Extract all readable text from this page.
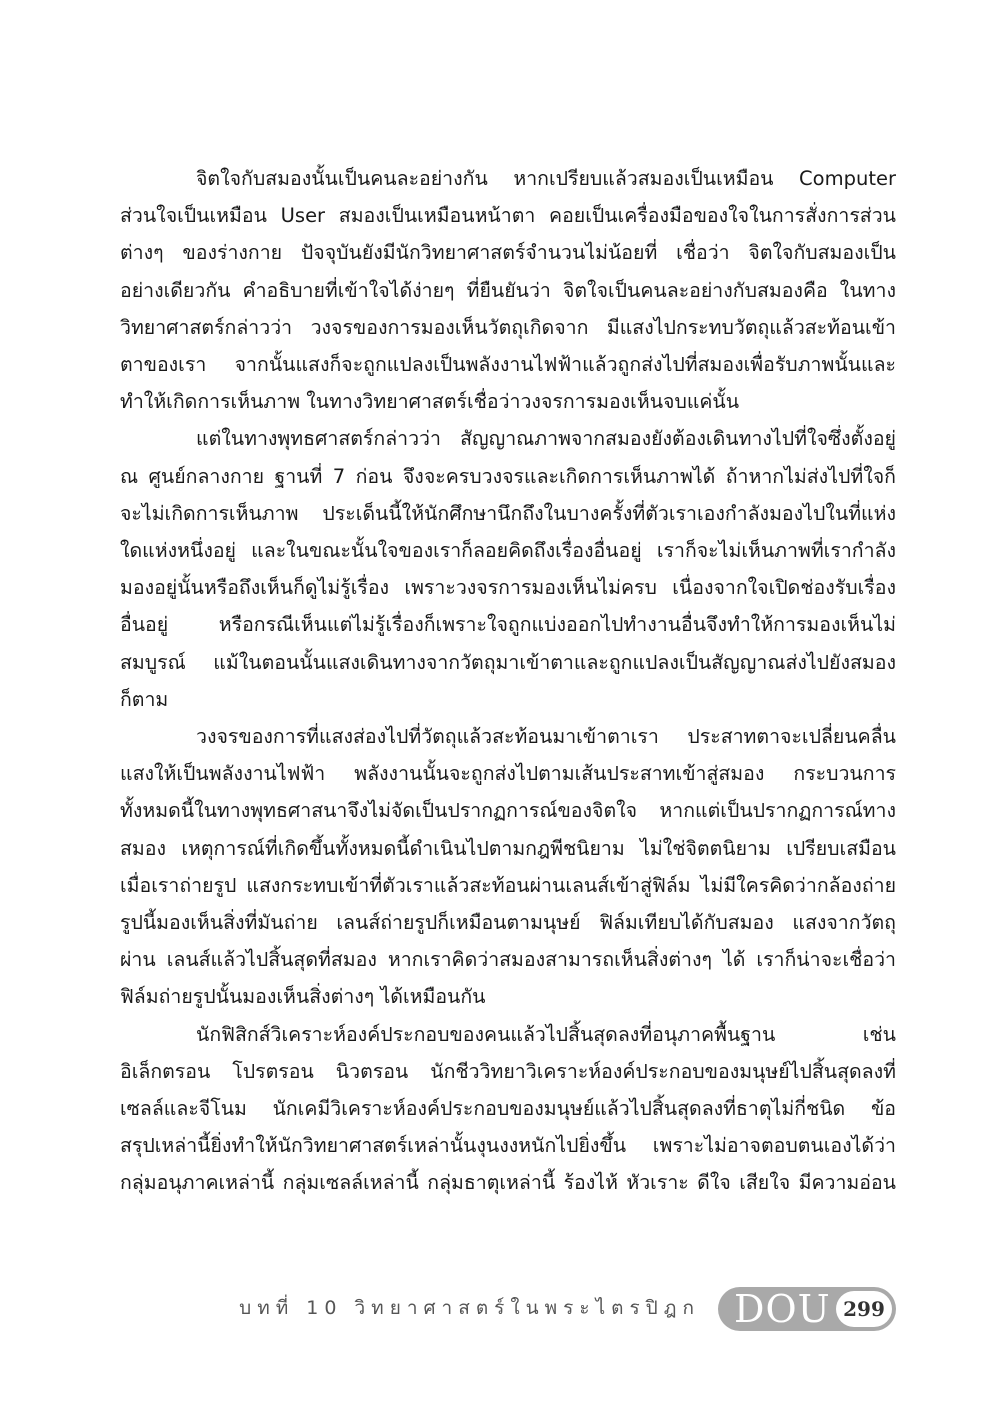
จิตใจกับสมองนั้นเป็นคนละอย่างกัน หากเปรียบแล้วสมองเป็นเหมือน Computer
ส่วนใจเป็นเหมือน User สมองเป็นเหมือนหน้าตา คอยเป็นเครื่องมือของใจในการสั่งการส่วน
ต่างๆ ของร่างกาย ปัจจุบันยังมีนักวิทยาศาสตร์จำนวนไม่น้อยที่ เชื่อว่า จิตใจกับสมองเป็น
อย่างเดียวกัน คำอธิบายที่เข้าใจได้ง่ายๆ ที่ยืนยันว่า จิตใจเป็นคนละอย่างกับสมองคือ ในทาง
วิทยาศาสตร์กล่าวว่า วงจรของการมองเห็นวัตถุเกิดจาก มีแสงไปกระทบวัตถุแล้วสะท้อนเข้า
ตาของเรา จากนั้นแสงก็จะถูกแปลงเป็นพลังงานไฟฟ้าแล้วถูกส่งไปที่สมองเพื่อรับภาพนั้นและ
ทำให้เกิดการเห็นภาพ ในทางวิทยาศาสตร์เชื่อว่าวงจรการมองเห็นจบแค่นั้น
แต่ในทางพุทธศาสตร์กล่าวว่า สัญญาณภาพจากสมองยังต้องเดินทางไปที่ใจซึ่งตั้งอยู่
ณ ศูนย์กลางกาย ฐานที่ 7 ก่อน จึงจะครบวงจรและเกิดการเห็นภาพได้ ถ้าหากไม่ส่งไปที่ใจก็
จะไม่เกิดการเห็นภาพ ประเด็นนี้ให้นักศึกษานึกถึงในบางครั้งที่ตัวเราเองกำลังมองไปในที่แห่ง
ใดแห่งหนึ่งอยู่ และในขณะนั้นใจของเราก็ลอยคิดถึงเรื่องอื่นอยู่ เราก็จะไม่เห็นภาพที่เรากำลัง
มองอยู่นั้นหรือถึงเห็นก็ดูไม่รู้เรื่อง เพราะวงจรการมองเห็นไม่ครบ เนื่องจากใจเปิดช่องรับเรื่อง
อื่นอยู่ หรือกรณีเห็นแต่ไม่รู้เรื่องก็เพราะใจถูกแบ่งออกไปทำงานอื่นจึงทำให้การมองเห็นไม่
สมบูรณ์ แม้ในตอนนั้นแสงเดินทางจากวัตถุมาเข้าตาและถูกแปลงเป็นสัญญาณส่งไปยังสมอง
ก็ตาม
วงจรของการที่แสงส่องไปที่วัตถุแล้วสะท้อนมาเข้าตาเรา ประสาทตาจะเปลี่ยนคลื่น
แสงให้เป็นพลังงานไฟฟ้า พลังงานนั้นจะถูกส่งไปตามเส้นประสาทเข้าสู่สมอง กระบวนการ
ทั้งหมดนี้ในทางพุทธศาสนาจึงไม่จัดเป็นปรากฏการณ์ของจิตใจ หากแต่เป็นปรากฏการณ์ทาง
สมอง เหตุการณ์ที่เกิดขึ้นทั้งหมดนี้ดำเนินไปตามกฎพีชนิยาม ไม่ใช่จิตตนิยาม เปรียบเสมือน
เมื่อเราถ่ายรูป แสงกระทบเข้าที่ตัวเราแล้วสะท้อนผ่านเลนส์เข้าสู่ฟิล์ม ไม่มีใครคิดว่ากล้องถ่าย
รูปนี้มองเห็นสิ่งที่มันถ่าย เลนส์ถ่ายรูปก็เหมือนตามนุษย์ ฟิล์มเทียบได้กับสมอง แสงจากวัตถุ
ผ่าน เลนส์แล้วไปสิ้นสุดที่สมอง หากเราคิดว่าสมองสามารถเห็นสิ่งต่างๆ ได้ เราก็น่าจะเชื่อว่า
ฟิล์มถ่ายรูปนั้นมองเห็นสิ่งต่างๆ ได้เหมือนกัน
นักฟิสิกส์วิเคราะห์องค์ประกอบของคนแล้วไปสิ้นสุดลงที่อนุภาคพื้นฐาน เช่น
อิเล็กตรอน โปรตรอน นิวตรอน นักชีววิทยาวิเคราะห์องค์ประกอบของมนุษย์ไปสิ้นสุดลงที่
เซลล์และจีโนม นักเคมีวิเคราะห์องค์ประกอบของมนุษย์แล้วไปสิ้นสุดลงที่ธาตุไม่กี่ชนิด ข้อ
สรุปเหล่านี้ยิ่งทำให้นักวิทยาศาสตร์เหล่านั้นงุนงงหนักไปยิ่งขึ้น เพราะไม่อาจตอบตนเองได้ว่า
กลุ่มอนุภาคเหล่านี้ กลุ่มเซลล์เหล่านี้ กลุ่มธาตุเหล่านี้ ร้องไห้ หัวเราะ ดีใจ เสียใจ มีความอ่อน
บทที่ 10 วิทยาศาสตร์ในพระไตรปิฎก DOU 299
